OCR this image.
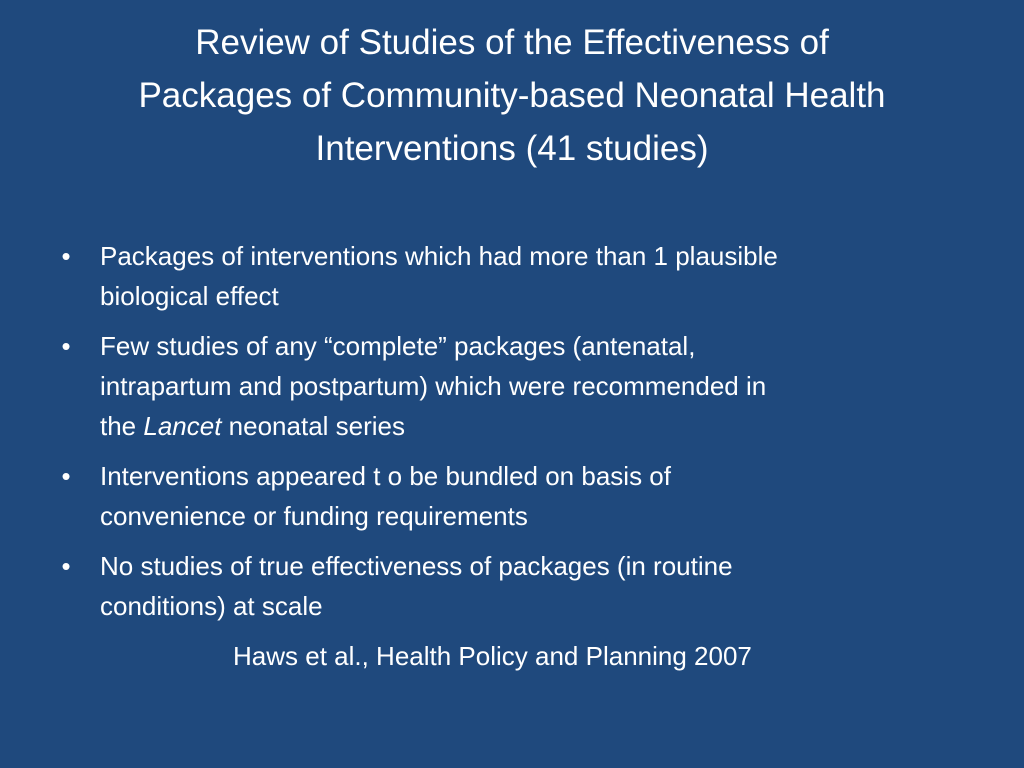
Review of Studies of the Effectiveness of
Packages of Community-based Neonatal Health
Interventions (41 studies)
• Packages of interventions which had more than 1 plausible
biological effect
• Few studies of any “complete” packages (antenatal,
intrapartum and postpartum) which were recommended in
the Lancet neonatal series
• Interventions appeared t o be bundled on basis of
convenience or funding requirements
• No studies of true effectiveness of packages (in routine
conditions) at scale
Haws et al., Health Policy and Planning 2007
